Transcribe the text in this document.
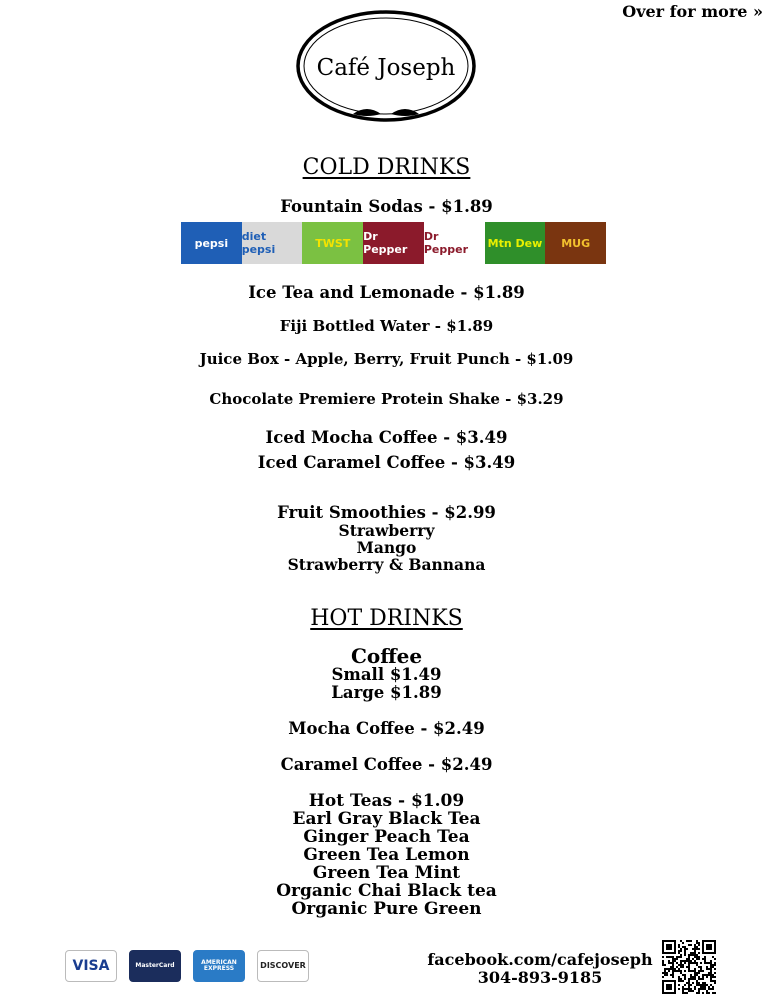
Over for more »
Café Joseph
COLD DRINKS
Fountain Sodas - $1.89
pepsi	diet pepsi	TWST	Dr Pepper
Dr Pepper	Mtn Dew	MUG
Ice Tea and Lemonade - $1.89
Fiji Bottled Water - $1.89
Juice Box - Apple, Berry, Fruit Punch - $1.09
Chocolate Premiere Protein Shake - $3.29
Iced Mocha Coffee - $3.49
Iced Caramel Coffee - $3.49
Fruit Smoothies - $2.99
Strawberry
Mango
Strawberry & Bannana
HOT DRINKS
Coffee
Small $1.49
Large $1.89
Mocha Coffee - $2.49
Caramel Coffee - $2.49
Hot Teas - $1.09
Earl Gray Black Tea
Ginger Peach Tea
Green Tea Lemon
Green Tea Mint
Organic Chai Black tea
Organic Pure Green
VISA	MasterCard	AMERICAN EXPRESS	DISCOVER	facebook.com/cafejoseph
304-893-9185
